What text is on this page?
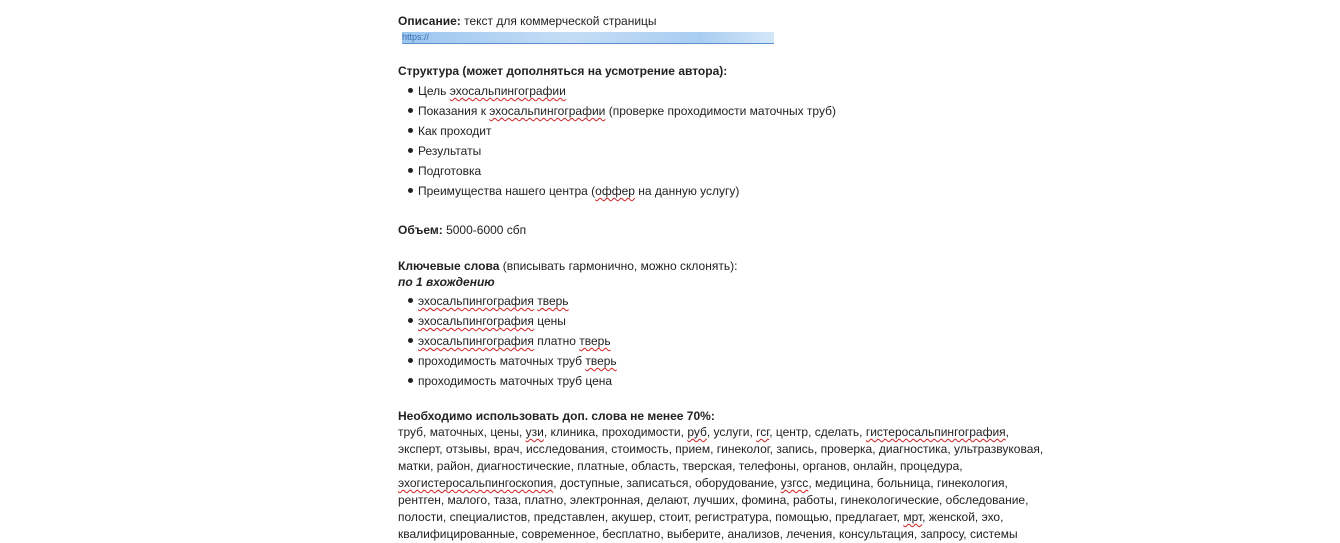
Описание: текст для коммерческой страницы $^{https://}$

Структура (может дополняться на усмотрение автора):

Цель эхосальпингографии
Показания к эхосальпингографии (проверке проходимости маточных труб)
Как проходит
Результаты
Подготовка
Преимущества нашего центра (оффер на данную услугу)

Объем: 5000-6000 сбп

Ключевые слова (вписывать гармонично, можно склонять):

по 1 вхождению

эхосальпингография тверь
эхосальпингография цены
эхосальпингография платно тверь
проходимость маточных труб тверь
проходимость маточных труб цена

Необходимо использовать доп. слова не менее 70%:

труб, маточных, цены, узи, клиника, проходимости, руб, услуги, гсг, центр, сделать, гистеросальпингография,
эксперт, отзывы, врач, исследования, стоимость, прием, гинеколог, запись, проверка, диагностика, ультразвуковая,
матки, район, диагностические, платные, область, тверская, телефоны, органов, онлайн, процедура,
эхогистеросальпингоскопия, доступные, записаться, оборудование, узгсс, медицина, больница, гинекология,
рентген, малого, таза, платно, электронная, делают, лучших, фомина, работы, гинекологические, обследование,
полости, специалистов, представлен, акушер, стоит, регистратура, помощью, предлагает, мрт, женской, эхо,
квалифицированные, современное, бесплатно, выберите, анализов, лечения, консультация, запросу, системы
